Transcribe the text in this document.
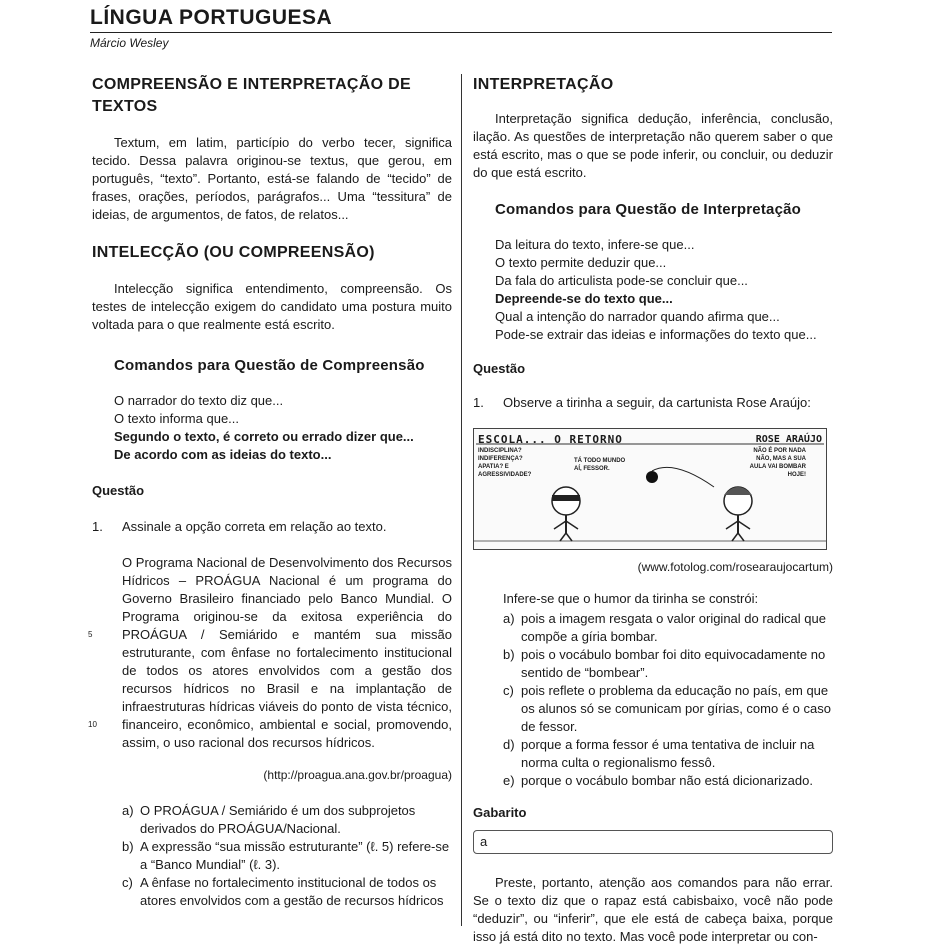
LÍNGUA PORTUGUESA
Márcio Wesley
COMPREENSÃO E INTERPRETAÇÃO DE TEXTOS

Textum, em latim, particípio do verbo tecer, significa tecido. Dessa palavra originou-se textus, que gerou, em português, “texto”. Portanto, está-se falando de “tecido” de frases, orações, períodos, parágrafos... Uma “tessitura” de ideias, de argumentos, de fatos, de relatos...

INTELECÇÃO (OU COMPREENSÃO)

Intelecção significa entendimento, compreensão. Os testes de intelecção exigem do candidato uma postura muito voltada para o que realmente está escrito.

Comandos para Questão de Compreensão
O narrador do texto diz que...
O texto informa que...
Segundo o texto, é correto ou errado dizer que...
De acordo com as ideias do texto...
Questão
1.	Assinale a opção correta em relação ao texto.
5
10

O Programa Nacional de Desenvolvimento dos Recursos Hídricos – PROÁGUA Nacional é um programa do Governo Brasileiro financiado pelo Banco Mundial. O Programa originou-se da exitosa experiência do PROÁGUA / Semiárido e mantém sua missão estruturante, com ênfase no fortalecimento institucional de todos os atores envolvidos com a gestão dos recursos hídricos no Brasil e na implantação de infraestruturas hídricas viáveis do ponto de vista técnico, financeiro, econômico, ambiental e social, promovendo, assim, o uso racional dos recursos hídricos.

(http://proagua.ana.gov.br/proagua)
a) O PROÁGUA / Semiárido é um dos subprojetos derivados do PROÁGUA/Nacional.
b) A expressão “sua missão estruturante” (ℓ. 5) refere-se a “Banco Mundial” (ℓ. 3).
c) A ênfase no fortalecimento institucional de todos os atores envolvidos com a gestão de recursos hídricos
INTERPRETAÇÃO

Interpretação significa dedução, inferência, conclusão, ilação. As questões de interpretação não querem saber o que está escrito, mas o que se pode inferir, ou concluir, ou deduzir do que está escrito.

Comandos para Questão de Interpretação
Da leitura do texto, infere-se que...
O texto permite deduzir que...
Da fala do articulista pode-se concluir que...
Depreende-se do texto que...
Qual a intenção do narrador quando afirma que...
Pode-se extrair das ideias e informações do texto que...
Questão
1.	Observe a tirinha a seguir, da cartunista Rose Araújo:
ESCOLA... O RETORNO	ROSE ARAÚJO
INDISCIPLINA? INDIFERENÇA? APATIA? E AGRESSIVIDADE?
TÁ TODO MUNDO AÍ, FESSOR.
NÃO É POR NADA NÃO, MAS A SUA AULA VAI BOMBAR HOJE!
(www.fotolog.com/rosearaujocartum)
Infere-se que o humor da tirinha se constrói:
a) pois a imagem resgata o valor original do radical que compõe a gíria bombar.
b) pois o vocábulo bombar foi dito equivocadamente no sentido de “bombear”.
c) pois reflete o problema da educação no país, em que os alunos só se comunicam por gírias, como é o caso de fessor.
d) porque a forma fessor é uma tentativa de incluir na norma culta o regionalismo fessô.
e) porque o vocábulo bombar não está dicionarizado.
Gabarito
a

Preste, portanto, atenção aos comandos para não errar. Se o texto diz que o rapaz está cabisbaixo, você não pode “deduzir”, ou “inferir”, que ele está de cabeça baixa, porque isso já está dito no texto. Mas você pode interpretar ou con-
